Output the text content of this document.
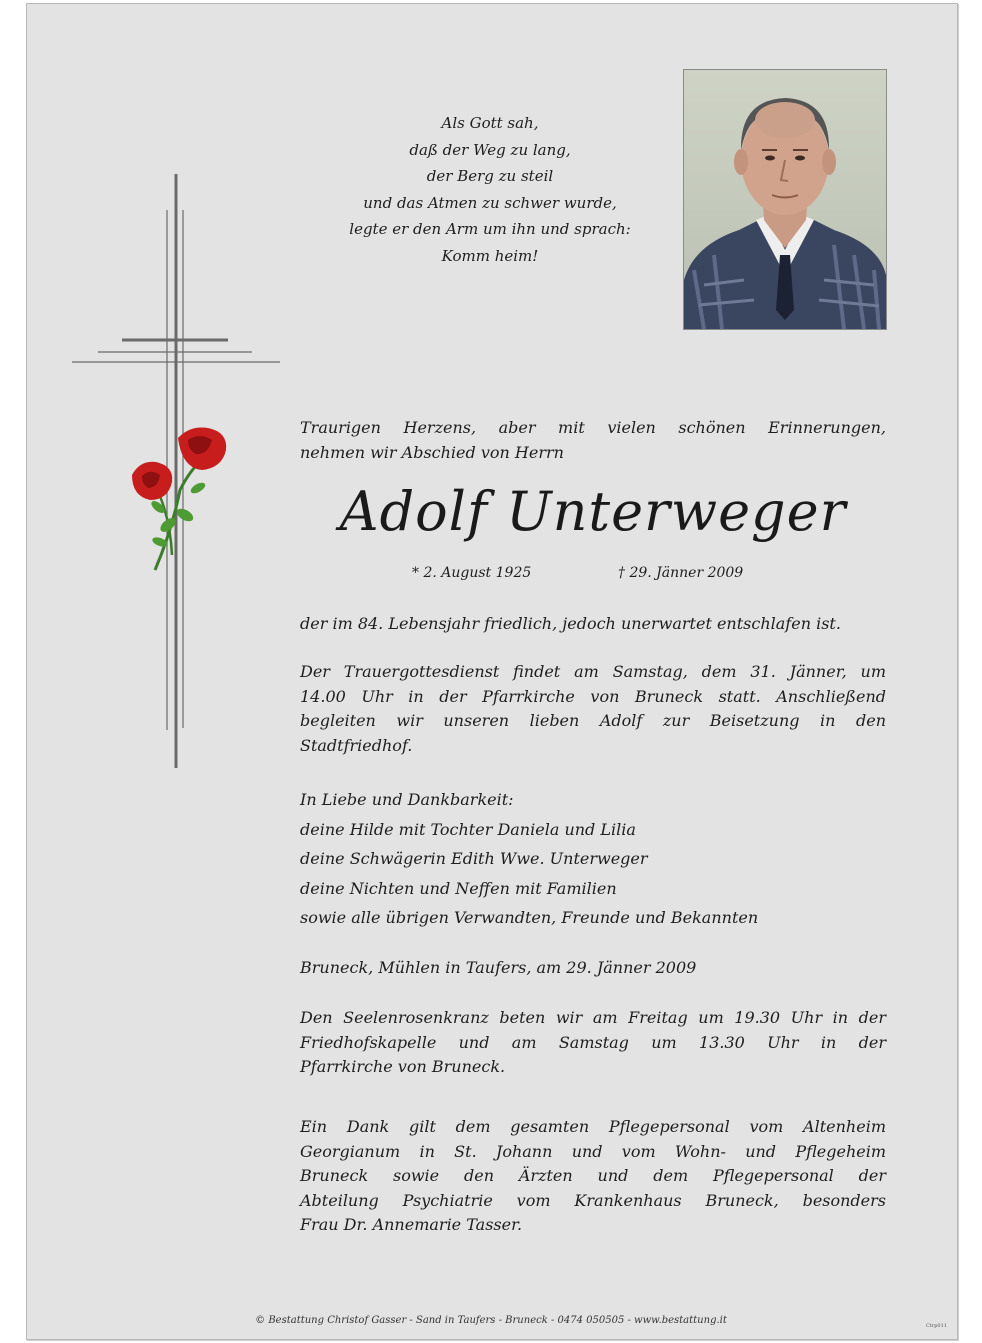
Als Gott sah,
daß der Weg zu lang,
der Berg zu steil
und das Atmen zu schwer wurde,
legte er den Arm um ihn und sprach:
Komm heim!
Traurigen Herzens, aber mit vielen schönen Erinnerungen,
nehmen wir Abschied von Herrn
Adolf Unterweger
* 2. August 1925	† 29. Jänner 2009
der im 84. Lebensjahr friedlich, jedoch unerwartet entschlafen ist.
Der Trauergottesdienst findet am Samstag, dem 31. Jänner, um
14.00 Uhr in der Pfarrkirche von Bruneck statt. Anschließend
begleiten wir unseren lieben Adolf zur Beisetzung in den
Stadtfriedhof.
In Liebe und Dankbarkeit:
deine Hilde mit Tochter Daniela und Lilia
deine Schwägerin Edith Wwe. Unterweger
deine Nichten und Neffen mit Familien
sowie alle übrigen Verwandten, Freunde und Bekannten
Bruneck, Mühlen in Taufers, am 29. Jänner 2009
Den Seelenrosenkranz beten wir am Freitag um 19.30 Uhr in der
Friedhofskapelle und am Samstag um 13.30 Uhr in der
Pfarrkirche von Bruneck.
Ein Dank gilt dem gesamten Pflegepersonal vom Altenheim
Georgianum in St. Johann und vom Wohn- und Pflegeheim
Bruneck sowie den Ärzten und dem Pflegepersonal der
Abteilung Psychiatrie vom Krankenhaus Bruneck, besonders
Frau Dr. Annemarie Tasser.
© Bestattung Christof Gasser - Sand in Taufers - Bruneck - 0474 050505 - www.bestattung.it	Ctrp011
